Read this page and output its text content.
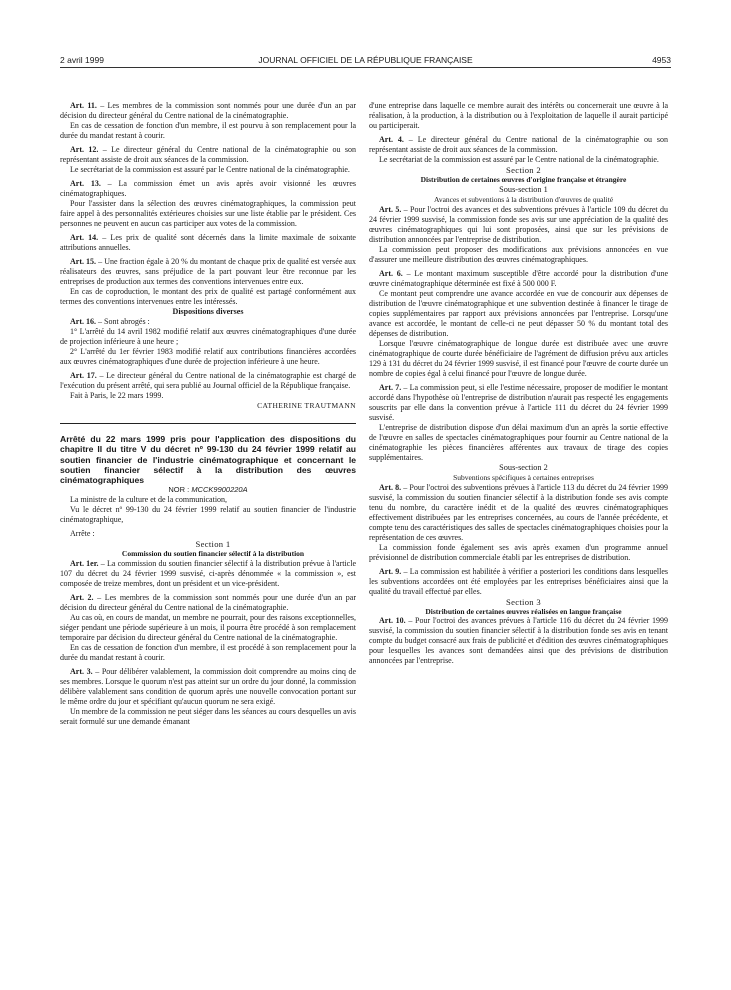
2 avril 1999	JOURNAL OFFICIEL DE LA RÉPUBLIQUE FRANÇAISE	4953

Art. 11. – Les membres de la commission sont nommés pour une durée d'un an par décision du directeur général du Centre national de la cinématographie.

En cas de cessation de fonction d'un membre, il est pourvu à son remplacement pour la durée du mandat restant à courir.

Art. 12. – Le directeur général du Centre national de la cinématographie ou son représentant assiste de droit aux séances de la commission.

Le secrétariat de la commission est assuré par le Centre national de la cinématographie.

Art. 13. – La commission émet un avis après avoir visionné les œuvres cinématographiques.

Pour l'assister dans la sélection des œuvres cinématographiques, la commission peut faire appel à des personnalités extérieures choisies sur une liste établie par le président. Ces personnes ne peuvent en aucun cas participer aux votes de la commission.

Art. 14. – Les prix de qualité sont décernés dans la limite maximale de soixante attributions annuelles.

Art. 15. – Une fraction égale à 20 % du montant de chaque prix de qualité est versée aux réalisateurs des œuvres, sans préjudice de la part pouvant leur être reconnue par les entreprises de production aux termes des conventions intervenues entre eux.

En cas de coproduction, le montant des prix de qualité est partagé conformément aux termes des conventions intervenues entre les intéressés.

Dispositions diverses

Art. 16. – Sont abrogés :

1° L'arrêté du 14 avril 1982 modifié relatif aux œuvres cinématographiques d'une durée de projection inférieure à une heure ;

2° L'arrêté du 1er février 1983 modifié relatif aux contributions financières accordées aux œuvres cinématographiques d'une durée de projection inférieure à une heure.

Art. 17. – Le directeur général du Centre national de la cinématographie est chargé de l'exécution du présent arrêté, qui sera publié au Journal officiel de la République française.

Fait à Paris, le 22 mars 1999.

CATHERINE TRAUTMANN

Arrêté du 22 mars 1999 pris pour l'application des dispositions du chapitre II du titre V du décret nº 99-130 du 24 février 1999 relatif au soutien financier de l'industrie cinématographique et concernant le soutien financier sélectif à la distribution des œuvres cinématographiques

NOR : MCCK9900220A

La ministre de la culture et de la communication,

Vu le décret nº 99-130 du 24 février 1999 relatif au soutien financier de l'industrie cinématographique,

Arrête :

Section 1

Commission du soutien financier sélectif à la distribution

Art. 1er. – La commission du soutien financier sélectif à la distribution prévue à l'article 107 du décret du 24 février 1999 susvisé, ci-après dénommée « la commission », est composée de treize membres, dont un président et un vice-président.

Art. 2. – Les membres de la commission sont nommés pour une durée d'un an par décision du directeur général du Centre national de la cinématographie.

Au cas où, en cours de mandat, un membre ne pourrait, pour des raisons exceptionnelles, siéger pendant une période supérieure à un mois, il pourra être procédé à son remplacement temporaire par décision du directeur général du Centre national de la cinématographie.

En cas de cessation de fonction d'un membre, il est procédé à son remplacement pour la durée du mandat restant à courir.

Art. 3. – Pour délibérer valablement, la commission doit comprendre au moins cinq de ses membres. Lorsque le quorum n'est pas atteint sur un ordre du jour donné, la commission délibère valablement sans condition de quorum après une nouvelle convocation portant sur le même ordre du jour et spécifiant qu'aucun quorum ne sera exigé.

Un membre de la commission ne peut siéger dans les séances au cours desquelles un avis serait formulé sur une demande émanant

d'une entreprise dans laquelle ce membre aurait des intérêts ou concernerait une œuvre à la réalisation, à la production, à la distribution ou à l'exploitation de laquelle il aurait participé ou participerait.

Art. 4. – Le directeur général du Centre national de la cinématographie ou son représentant assiste de droit aux séances de la commission.

Le secrétariat de la commission est assuré par le Centre national de la cinématographie.

Section 2

Distribution de certaines œuvres d'origine française et étrangère

Sous-section 1

Avances et subventions à la distribution d'œuvres de qualité

Art. 5. – Pour l'octroi des avances et des subventions prévues à l'article 109 du décret du 24 février 1999 susvisé, la commission fonde ses avis sur une appréciation de la qualité des œuvres cinématographiques qui lui sont proposées, ainsi que sur les prévisions de distribution annoncées par l'entreprise de distribution.

La commission peut proposer des modifications aux prévisions annoncées en vue d'assurer une meilleure distribution des œuvres cinématographiques.

Art. 6. – Le montant maximum susceptible d'être accordé pour la distribution d'une œuvre cinématographique déterminée est fixé à 500 000 F.

Ce montant peut comprendre une avance accordée en vue de concourir aux dépenses de distribution de l'œuvre cinématographique et une subvention destinée à financer le tirage de copies supplémentaires par rapport aux prévisions annoncées par l'entreprise. Lorsqu'une avance est accordée, le montant de celle-ci ne peut dépasser 50 % du montant total des dépenses de distribution.

Lorsque l'œuvre cinématographique de longue durée est distribuée avec une œuvre cinématographique de courte durée bénéficiaire de l'agrément de diffusion prévu aux articles 129 à 131 du décret du 24 février 1999 susvisé, il est financé pour l'œuvre de courte durée un nombre de copies égal à celui financé pour l'œuvre de longue durée.

Art. 7. – La commission peut, si elle l'estime nécessaire, proposer de modifier le montant accordé dans l'hypothèse où l'entreprise de distribution n'aurait pas respecté les engagements souscrits par elle dans la convention prévue à l'article 111 du décret du 24 février 1999 susvisé.

L'entreprise de distribution dispose d'un délai maximum d'un an après la sortie effective de l'œuvre en salles de spectacles cinématographiques pour fournir au Centre national de la cinématographie les pièces financières afférentes aux travaux de tirage des copies supplémentaires.

Sous-section 2

Subventions spécifiques à certaines entreprises

Art. 8. – Pour l'octroi des subventions prévues à l'article 113 du décret du 24 février 1999 susvisé, la commission du soutien financier sélectif à la distribution fonde ses avis compte tenu du nombre, du caractère inédit et de la qualité des œuvres cinématographiques effectivement distribuées par les entreprises concernées, au cours de l'année précédente, et compte tenu des caractéristiques des salles de spectacles cinématographiques choisies pour la représentation de ces œuvres.

La commission fonde également ses avis après examen d'un programme annuel prévisionnel de distribution commerciale établi par les entreprises de distribution.

Art. 9. – La commission est habilitée à vérifier a posteriori les conditions dans lesquelles les subventions accordées ont été employées par les entreprises bénéficiaires ainsi que la qualité du travail effectué par elles.

Section 3

Distribution de certaines œuvres réalisées en langue française

Art. 10. – Pour l'octroi des avances prévues à l'article 116 du décret du 24 février 1999 susvisé, la commission du soutien financier sélectif à la distribution fonde ses avis en tenant compte du budget consacré aux frais de publicité et d'édition des œuvres cinématographiques pour lesquelles les avances sont demandées ainsi que des prévisions de distribution annoncées par l'entreprise.
